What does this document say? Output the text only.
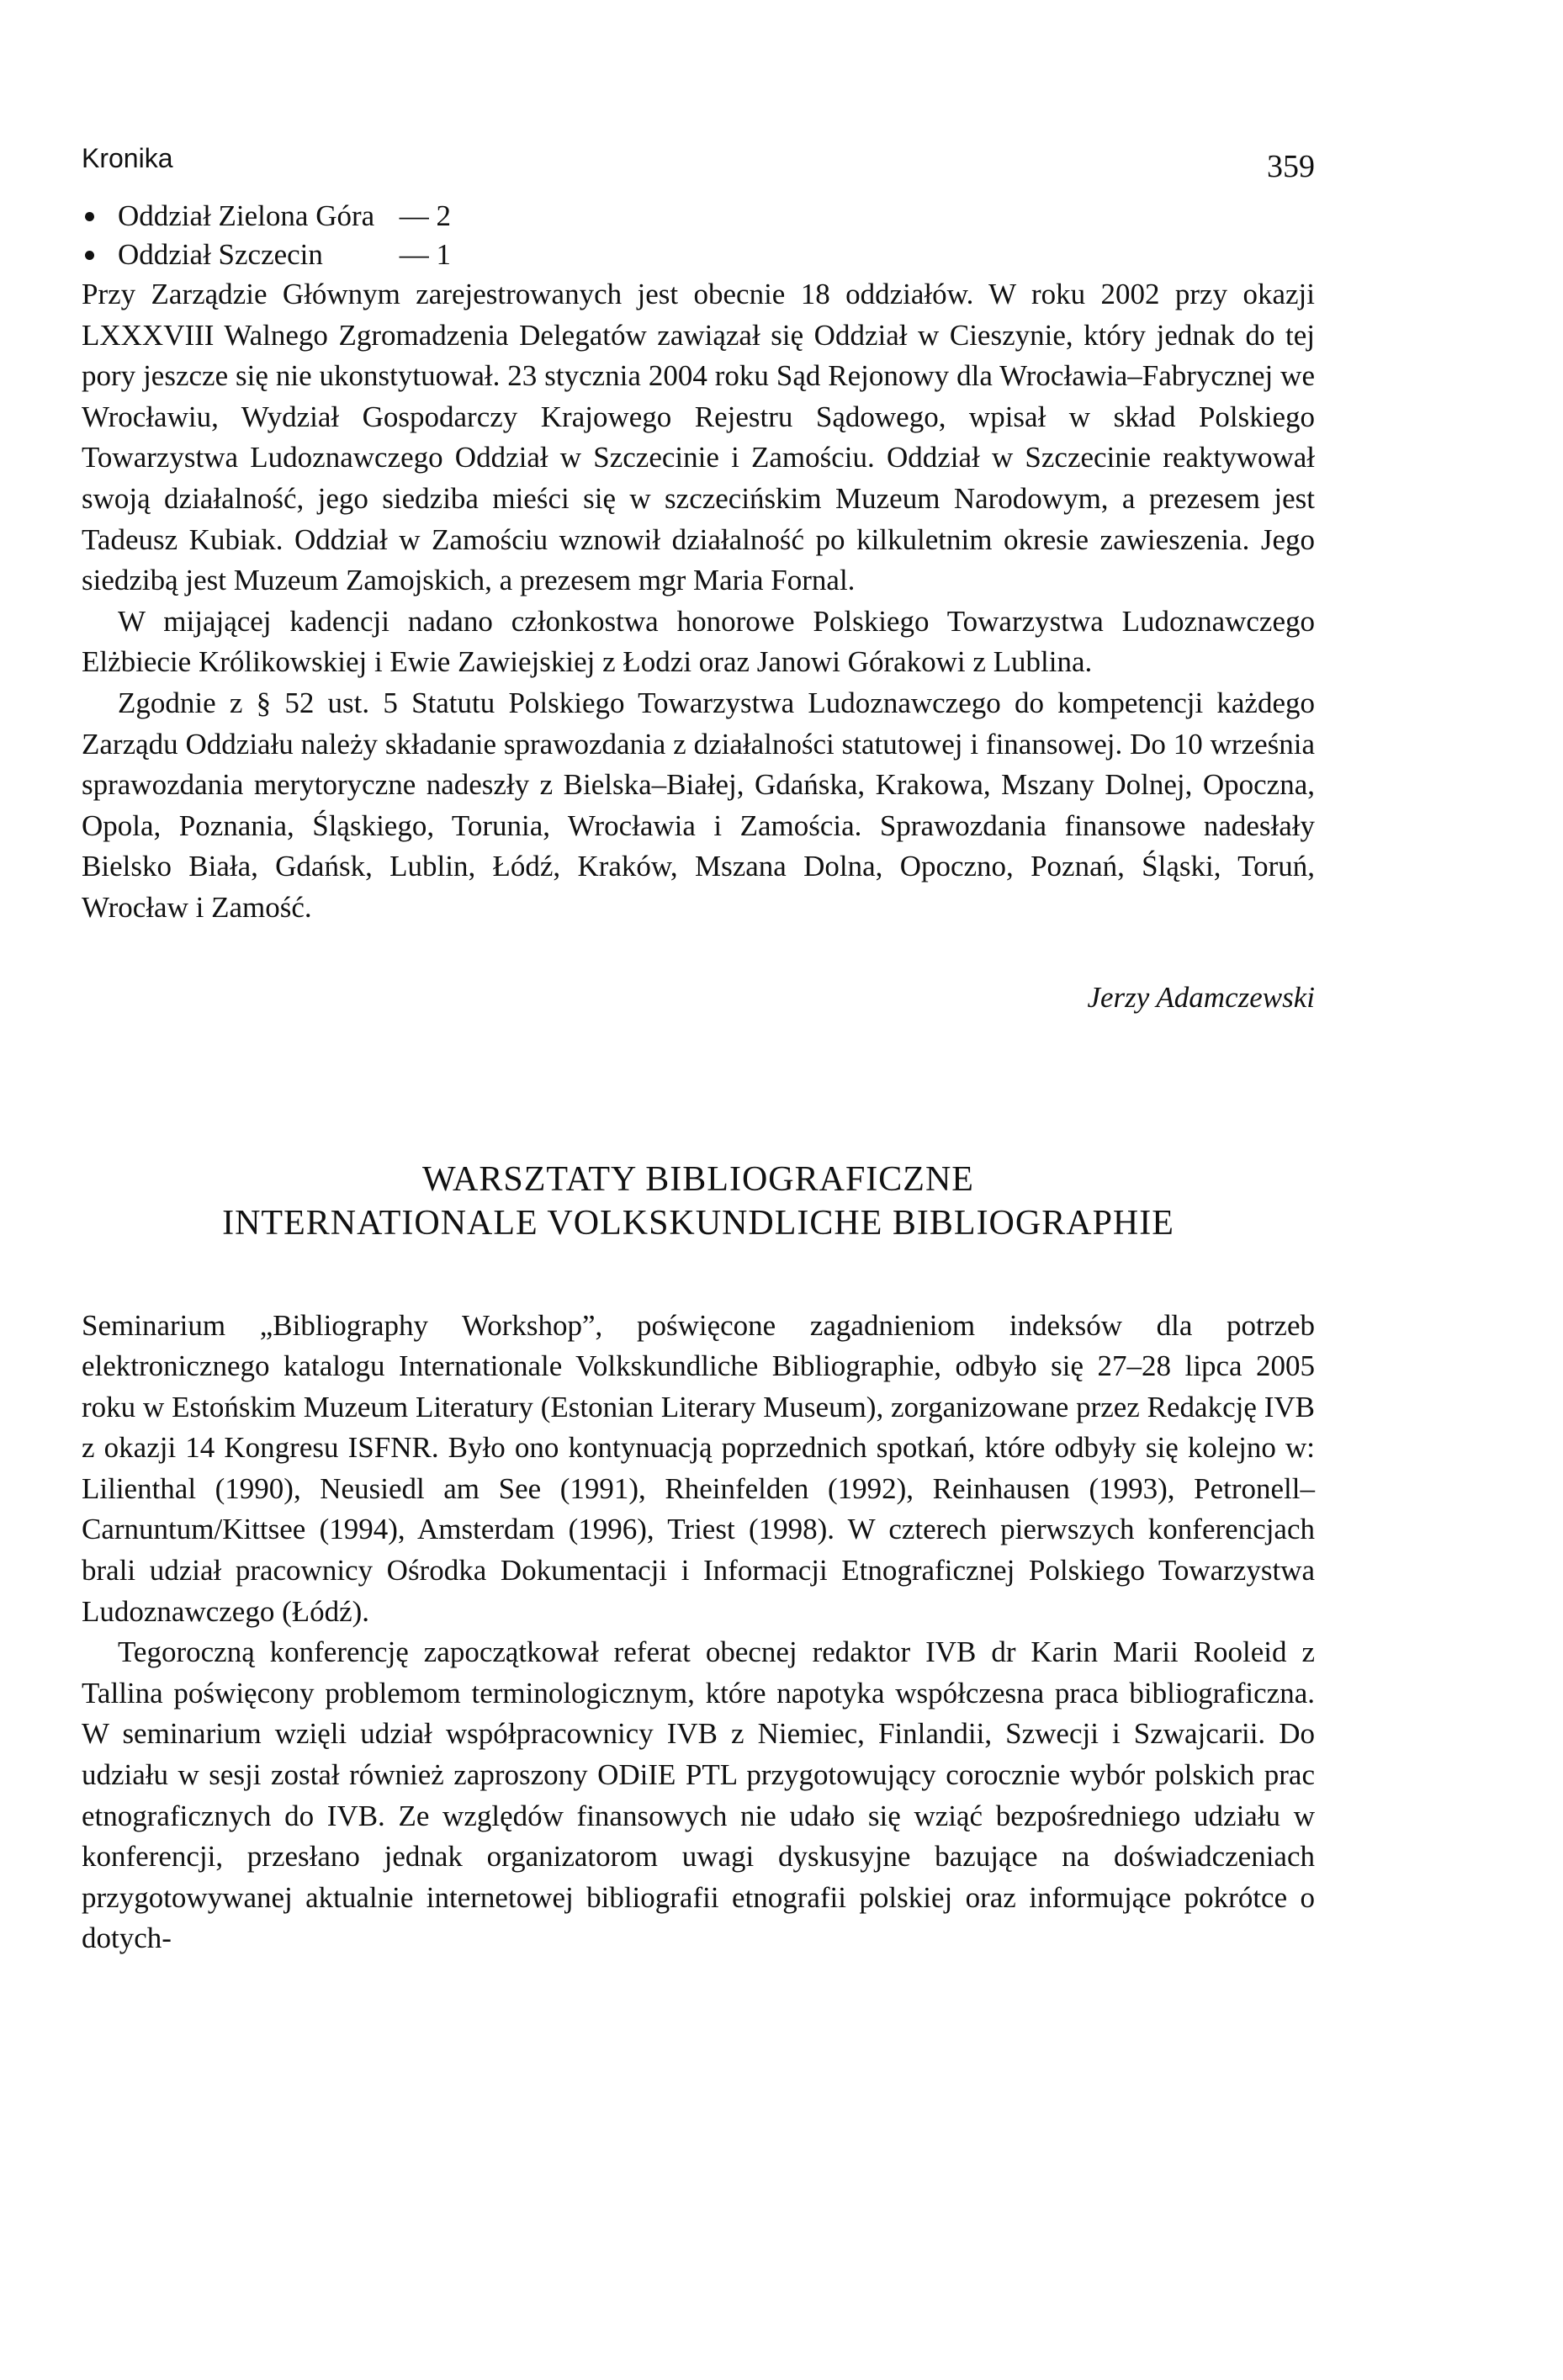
Kronika	359
Oddział Zielona Góra — 2
Oddział Szczecin	— 1

Przy Zarządzie Głównym zarejestrowanych jest obecnie 18 oddziałów. W roku 2002 przy okazji LXXXVIII Walnego Zgromadzenia Delegatów zawiązał się Oddział w Cieszynie, który jednak do tej pory jeszcze się nie ukonstytuował. 23 stycznia 2004 roku Sąd Rejonowy dla Wrocławia–Fabrycznej we Wrocławiu, Wydział Gospodarczy Krajowego Rejestru Sądowego, wpisał w skład Polskiego Towarzystwa Ludoznawczego Oddział w Szczecinie i Zamościu. Oddział w Szczecinie reaktywował swoją działalność, jego siedziba mieści się w szczecińskim Muzeum Narodowym, a prezesem jest Tadeusz Kubiak. Oddział w Zamościu wznowił działalność po kilkuletnim okresie zawieszenia. Jego siedzibą jest Muzeum Zamojskich, a prezesem mgr Maria Fornal.

W mijającej kadencji nadano członkostwa honorowe Polskiego Towarzystwa Ludoznawczego Elżbiecie Królikowskiej i Ewie Zawiejskiej z Łodzi oraz Janowi Górakowi z Lublina.

Zgodnie z § 52 ust. 5 Statutu Polskiego Towarzystwa Ludoznawczego do kompetencji każdego Zarządu Oddziału należy składanie sprawozdania z działalności statutowej i finansowej. Do 10 września sprawozdania merytoryczne nadeszły z Bielska–Białej, Gdańska, Krakowa, Mszany Dolnej, Opoczna, Opola, Poznania, Śląskiego, Torunia, Wrocławia i Zamościa. Sprawozdania finansowe nadesłały Bielsko Biała, Gdańsk, Lublin, Łódź, Kraków, Mszana Dolna, Opoczno, Poznań, Śląski, Toruń, Wrocław i Zamość.

Jerzy Adamczewski
WARSZTATY BIBLIOGRAFICZNE
INTERNATIONALE VOLKSKUNDLICHE BIBLIOGRAPHIE

Seminarium „Bibliography Workshop”, poświęcone zagadnieniom indeksów dla potrzeb elektronicznego katalogu Internationale Volkskundliche Bibliographie, odbyło się 27–28 lipca 2005 roku w Estońskim Muzeum Literatury (Estonian Literary Museum), zorganizowane przez Redakcję IVB z okazji 14 Kongresu ISFNR. Było ono kontynuacją poprzednich spotkań, które odbyły się kolejno w: Lilienthal (1990), Neusiedl am See (1991), Rheinfelden (1992), Reinhausen (1993), Petronell–Carnuntum/Kittsee (1994), Amsterdam (1996), Triest (1998). W czterech pierwszych konferencjach brali udział pracownicy Ośrodka Dokumentacji i Informacji Etnograficznej Polskiego Towarzystwa Ludoznawczego (Łódź).

Tegoroczną konferencję zapoczątkował referat obecnej redaktor IVB dr Karin Marii Rooleid z Tallina poświęcony problemom terminologicznym, które napotyka współczesna praca bibliograficzna. W seminarium wzięli udział współpracownicy IVB z Niemiec, Finlandii, Szwecji i Szwajcarii. Do udziału w sesji został również zaproszony ODiIE PTL przygotowujący corocznie wybór polskich prac etnograficznych do IVB. Ze względów finansowych nie udało się wziąć bezpośredniego udziału w konferencji, przesłano jednak organizatorom uwagi dyskusyjne bazujące na doświadczeniach przygotowywanej aktualnie internetowej bibliografii etnografii polskiej oraz informujące pokrótce o dotych-
